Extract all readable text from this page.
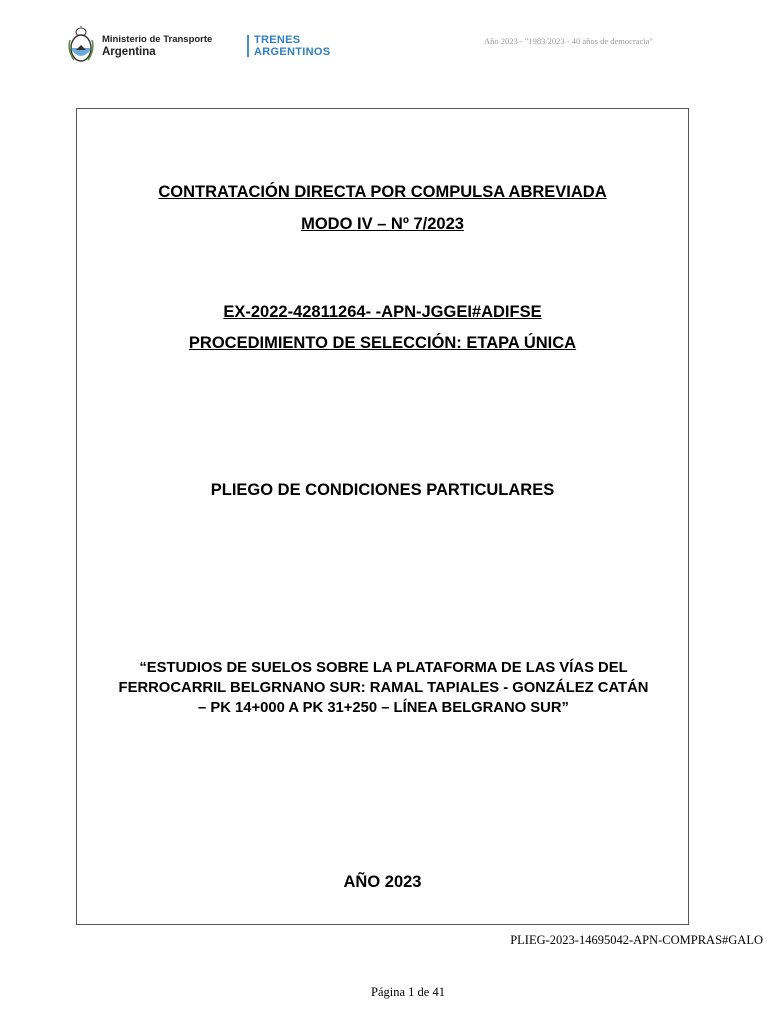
Ministerio de Transporte
Argentina
TRENES
ARGENTINOS
Año 2023 - "1983/2023 - 40 años de democracia"
CONTRATACIÓN DIRECTA POR COMPULSA ABREVIADA
MODO IV – Nº 7/2023
EX-2022-42811264- -APN-JGGEI#ADIFSE
PROCEDIMIENTO DE SELECCIÓN: ETAPA ÚNICA
PLIEGO DE CONDICIONES PARTICULARES
“ESTUDIOS DE SUELOS SOBRE LA PLATAFORMA DE LAS VÍAS DEL
FERROCARRIL BELGRNANO SUR: RAMAL TAPIALES - GONZÁLEZ CATÁN
– PK 14+000 A PK 31+250 – LÍNEA BELGRANO SUR”
AÑO 2023
PLIEG-2023-14695042-APN-COMPRAS#GALO
Página 1 de 41
